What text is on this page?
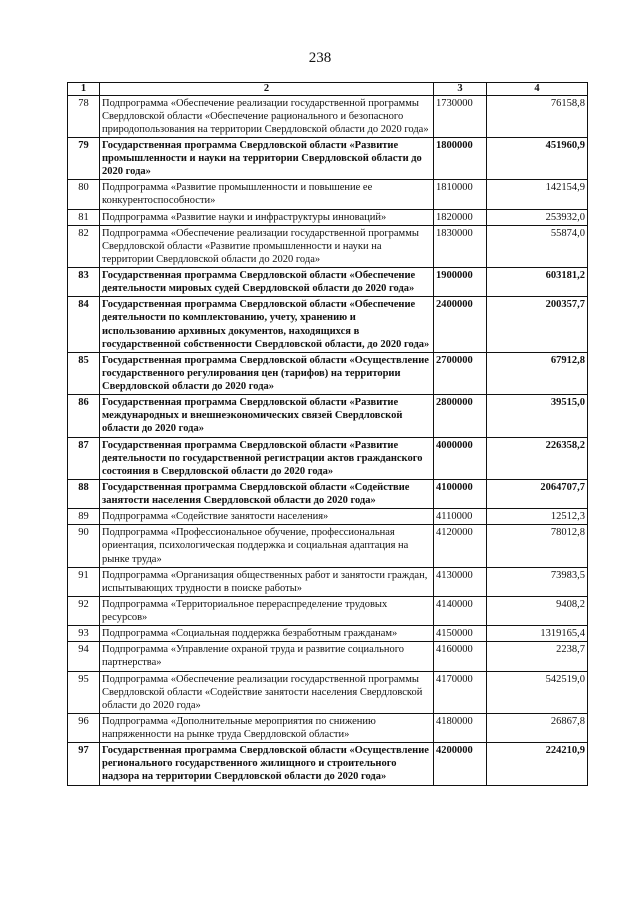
238
1	2	3	4
78	Подпрограмма «Обеспечение реализации государственной программы Свердловской области «Обеспечение рационального и безопасного природопользования на территории Свердловской области до 2020 года»	1730000	76158,8
79	Государственная программа Свердловской области «Развитие промышленности и науки на территории Свердловской области до 2020 года»	1800000	451960,9
80	Подпрограмма «Развитие промышленности и повышение ее конкурентоспособности»	1810000	142154,9
81	Подпрограмма «Развитие науки и инфраструктуры инноваций»	1820000	253932,0
82	Подпрограмма «Обеспечение реализации государственной программы Свердловской области «Развитие промышленности и науки на территории Свердловской области до 2020 года»	1830000	55874,0
83	Государственная программа Свердловской области «Обеспечение деятельности мировых судей Свердловской области до 2020 года»	1900000	603181,2
84	Государственная программа Свердловской области «Обеспечение деятельности по комплектованию, учету, хранению и использованию архивных документов, находящихся в государственной собственности Свердловской области, до 2020 года»	2400000	200357,7
85	Государственная программа Свердловской области «Осуществление государственного регулирования цен (тарифов) на территории Свердловской области до 2020 года»	2700000	67912,8
86	Государственная программа Свердловской области «Развитие международных и внешнеэкономических связей Свердловской области до 2020 года»	2800000	39515,0
87	Государственная программа Свердловской области «Развитие деятельности по государственной регистрации актов гражданского состояния в Свердловской области до 2020 года»	4000000	226358,2
88	Государственная программа Свердловской области «Содействие занятости населения Свердловской области до 2020 года»	4100000	2064707,7
89	Подпрограмма «Содействие занятости населения»	4110000	12512,3
90	Подпрограмма «Профессиональное обучение, профессиональная ориентация, психологическая поддержка и социальная адаптация на рынке труда»	4120000	78012,8
91	Подпрограмма «Организация общественных работ и занятости граждан, испытывающих трудности в поиске работы»	4130000	73983,5
92	Подпрограмма «Территориальное перераспределение трудовых ресурсов»	4140000	9408,2
93	Подпрограмма «Социальная поддержка безработным гражданам»	4150000	1319165,4
94	Подпрограмма «Управление охраной труда и развитие социального партнерства»	4160000	2238,7
95	Подпрограмма «Обеспечение реализации государственной программы Свердловской области «Содействие занятости населения Свердловской области до 2020 года»	4170000	542519,0
96	Подпрограмма «Дополнительные мероприятия по снижению напряженности на рынке труда Свердловской области»	4180000	26867,8
97	Государственная программа Свердловской области «Осуществление регионального государственного жилищного и строительного надзора на территории Свердловской области до 2020 года»	4200000	224210,9
